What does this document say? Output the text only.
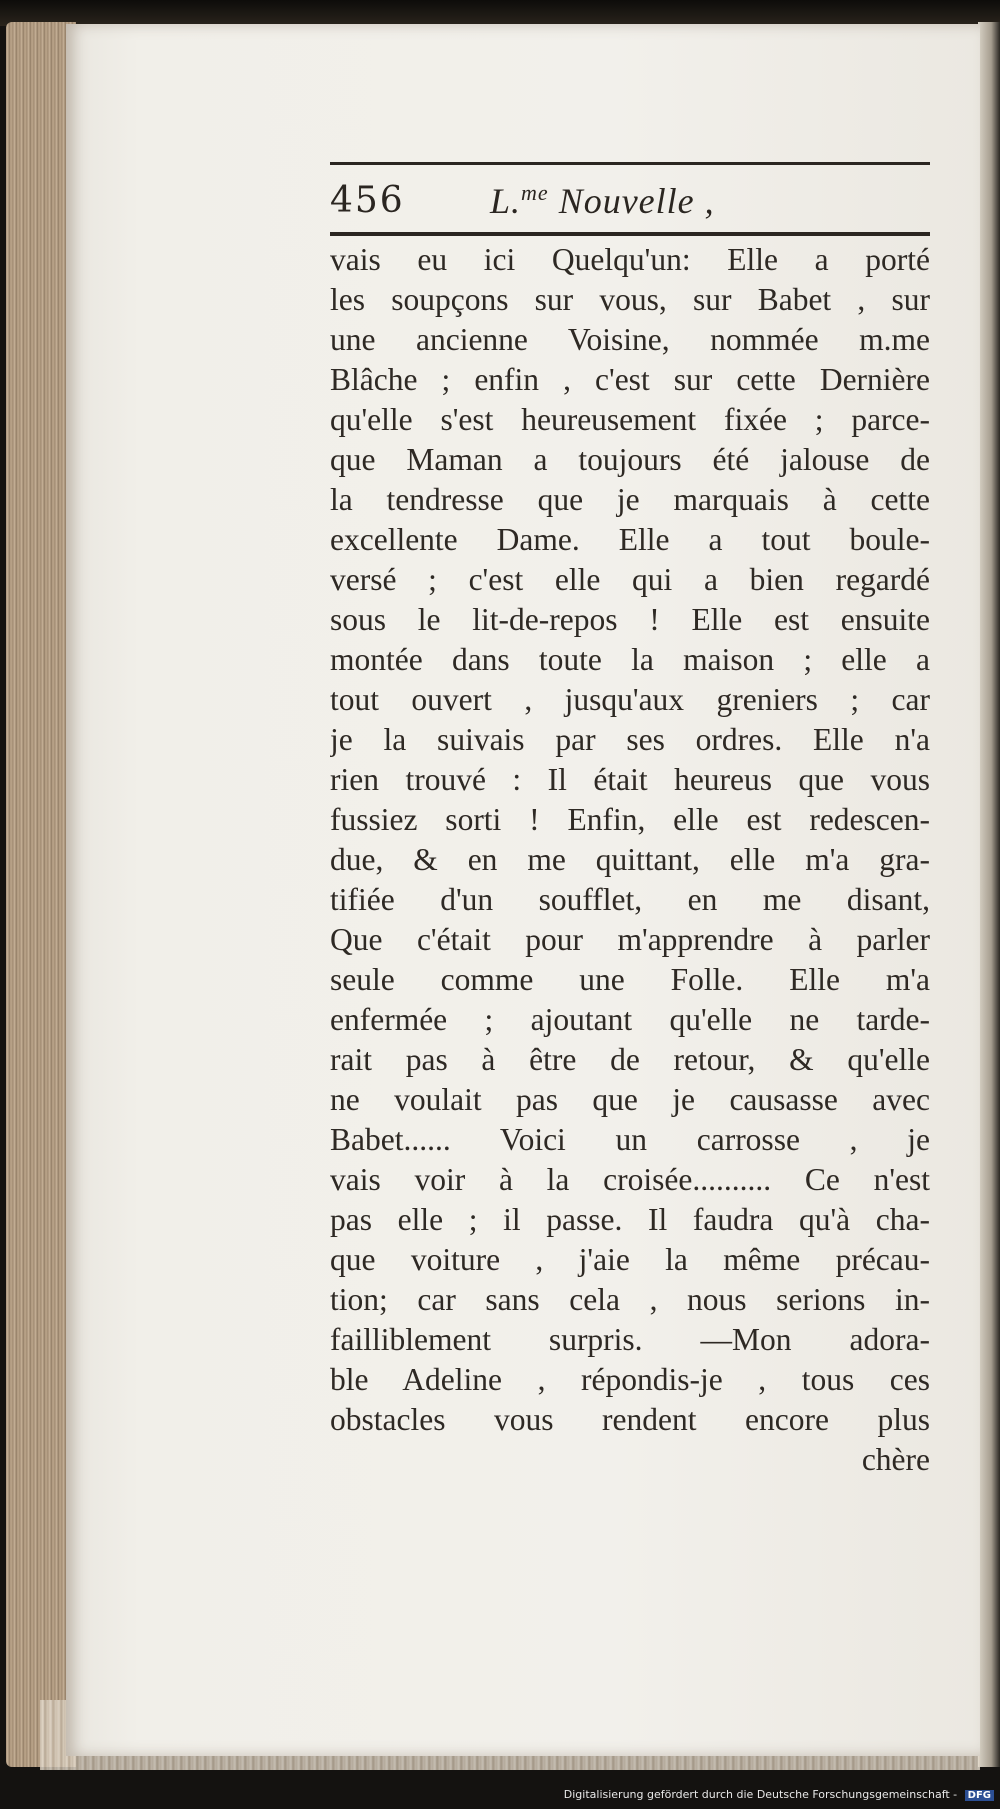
456 L.$^{me}$ Nouvelle ,
vais eu ici Quelqu'un: Elle a porté
les soupçons sur vous, sur Babet , sur
une ancienne Voisine, nommée m.me
Blâche ; enfin , c'est sur cette Dernière
qu'elle s'est heureusement fixée ; parce-
que Maman a toujours été jalouse de
la tendresse que je marquais à cette
excellente Dame. Elle a tout boule-
versé ; c'est elle qui a bien regardé
sous le lit-de-repos ! Elle est ensuite
montée dans toute la maison ; elle a
tout ouvert , jusqu'aux greniers ; car
je la suivais par ses ordres. Elle n'a
rien trouvé : Il était heureus que vous
fussiez sorti ! Enfin, elle est redescen-
due, & en me quittant, elle m'a gra-
tifiée d'un soufflet, en me disant,
Que c'était pour m'apprendre à parler
seule comme une Folle. Elle m'a
enfermée ; ajoutant qu'elle ne tarde-
rait pas à être de retour, & qu'elle
ne voulait pas que je causasse avec
Babet...... Voici un carrosse , je
vais voir à la croisée.......... Ce n'est
pas elle ; il passe. Il faudra qu'à cha-
que voiture , j'aie la même précau-
tion; car sans cela , nous serions in-
failliblement surpris. —Mon adora-
ble Adeline , répondis-je , tous ces
obstacles vous rendent encore plus
chère
Digitalisierung gefördert durch die Deutsche Forschungsgemeinschaft - DFG
